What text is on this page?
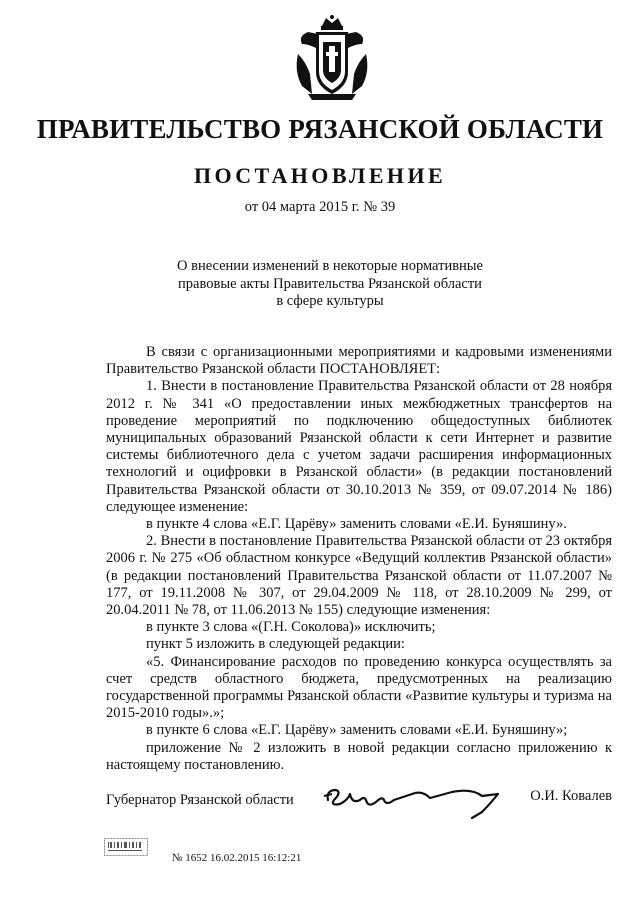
ПРАВИТЕЛЬСТВО РЯЗАНСКОЙ ОБЛАСТИ
ПОСТАНОВЛЕНИЕ
от 04 марта 2015 г. № 39
О внесении изменений в некоторые нормативные
правовые акты Правительства Рязанской области
в сфере культуры

В связи с организационными мероприятиями и кадровыми изменениями Правительство Рязанской области ПОСТАНОВЛЯЕТ:

1. Внести в постановление Правительства Рязанской области от 28 ноября 2012 г. № 341 «О предоставлении иных межбюджетных трансфертов на проведение мероприятий по подключению общедоступных библиотек муниципальных образований Рязанской области к сети Интернет и развитие системы библиотечного дела с учетом задачи расширения информационных технологий и оцифровки в Рязанской области» (в редакции постановлений Правительства Рязанской области от 30.10.2013 № 359, от 09.07.2014 № 186) следующее изменение:

в пункте 4 слова «Е.Г. Царёву» заменить словами «Е.И. Буняшину».

2. Внести в постановление Правительства Рязанской области от 23 октября 2006 г. № 275 «Об областном конкурсе «Ведущий коллектив Рязанской области» (в редакции постановлений Правительства Рязанской области от 11.07.2007 № 177, от 19.11.2008 № 307, от 29.04.2009 № 118, от 28.10.2009 № 299, от 20.04.2011 № 78, от 11.06.2013 № 155) следующие изменения:

в пункте 3 слова «(Г.Н. Соколова)» исключить;

пункт 5 изложить в следующей редакции:

«5. Финансирование расходов по проведению конкурса осуществлять за счет средств областного бюджета, предусмотренных на реализацию государственной программы Рязанской области «Развитие культуры и туризма на 2015-2010 годы».»;

в пункте 6 слова «Е.Г. Царёву» заменить словами «Е.И. Буняшину»;

приложение № 2 изложить в новой редакции согласно приложению к настоящему постановлению.

Губернатор Рязанской области	О.И. Ковалев
№ 1652 16.02.2015 16:12:21
